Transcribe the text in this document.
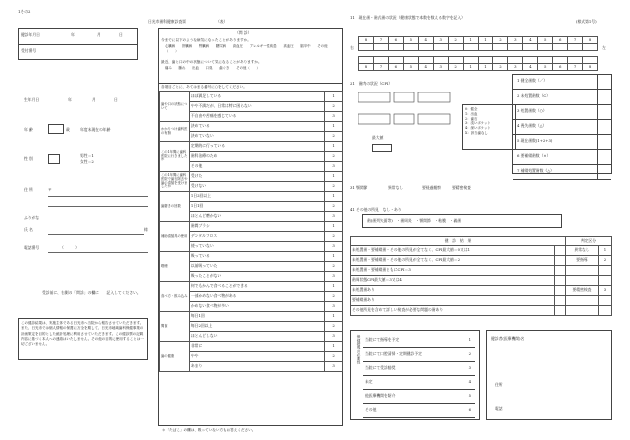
1その2
日光市歯科健康診査票	（表）	(様式第1号)
健診年月日	年	月	日
受付番号
生年月日	年	月	日
年 齢	歳	年度末現在の年齢
性 別
男性＝1
女性＝2
住 所	〒
ふりがな
氏 名	様
電話番号	（　　　）
受診前に、右側の「問診」の欄に　　記入してください。
この健診結果は、実施主体である日光市へ当院から報告させていただきます。また、日光市では個人情報の保護に万全を期して、日光市地域歯科保健事業の計画策定を目的とした統計処理に利用させていただきます。この健診票の記載内容に基づく本人への連絡はいたしません。その他の目的に使用することは一切ございません。
（問 診）
今までに以下のような病気になったことがありますか。
心臓病　　肝臓病　　腎臓病　　糖尿病　　高血圧　　アレルギー性疾患　　高血圧　　脳卒中　　その他（　　）
最近、歯と口の中の状態について気になることがありますか。
痛み　　腫れ　　出血　　口臭　　歯ぐき　　その他（　　）
各項目ごとに、あてはまる番号に○をしてください。
歯や口の状態について	ほぼ満足している	1
	やや不満だが、日常は特に困らない	2
	不自由や苦痛を感じている	3
かかりつけ歯科医の有無	決めている	1
	決めていない	2
この1年間に歯科医院に行きましたか	定期的に行っている	1
	歯科治療のため	2
	その他	3
この1年間に歯科医院で歯石除去や歯の清掃を受けましたか	受けた	1
	受けない	2
歯磨きの回数	1日2回以上	1
	1日1回	2
	ほとんど磨かない	3
補助清掃具の使用	歯間ブラシ	1
	デンタルフロス	2
	使っていない	3
喫煙	吸っている	1
	以前吸っていた	2
	吸ったことがない	3
食べ方・飲み込み	何でもかんで食べることができる	1
	一部かめない食べ物がある	2
	かめない食べ物が多い	3
間食	毎日1回	1
	毎日2回以上	2
	ほとんどしない	3
歯の健康	非常に	1
	やや	2
	あまり	3
＊「たばこ」の欄は、吸っていない方もお答えください。
11　現在歯・歯式歯の状況（健康状態で本数を数える数字を記入）
右	左
8	7	6	5	4	3	2	1	1	2	3	4	5	6	7	8

8	7	6	5	4	3	2	1	1	2	3	4	5	6	7	8
21　歯肉の状況（CPI）
0：健全
1：出血
2：歯石
3：浅いポケット
4：深いポケット
X：該当歯なし
最大値
1 健全歯数（／）
2 未処置歯数（C）
3 処置歯数（○）
4 喪失歯数（△）
5 現在歯数(1+2+3)
6 要補綴歯数（×）
7 補綴処置歯数（△）
31 顎関節	異常なし	要経過観察	要精密検査
41 その他の所見　なし・あり
歯(歯列矢面等)　・歯周炎　・顎関節　・粘膜　・義歯
健　診　結　果		判定区分	
未処置歯・要補綴歯・その他の所見が全てなく、CPI最大値＝0又は1		異常なし	1
未処置歯・要補綴歯・その他の所見が全てなく、CPI最大値＝2		要指導	2
未処置歯・要補綴歯ともにCPI＝3			
歯周状態CPI最大値＝3又は4			
未処置歯あり		要精密検査	3
要補綴歯あり			
その他所見を含めて詳しい検査が必要な問題の歯あり			
保健指導の必要性 当院にて指導を予定	1
当院にて口腔清掃・定期健診予定	2
当院にて受診勧奨	3
未定	4
他医療機関を紹介	5
その他	6
健診者(医療機関)名
住所
電話
